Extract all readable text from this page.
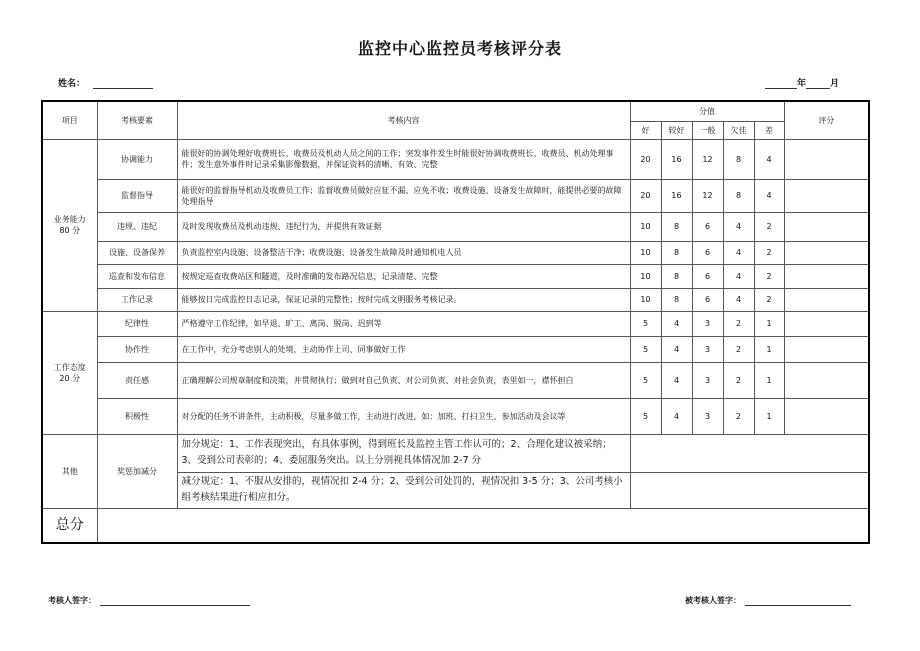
监控中心监控员考核评分表
姓名：	年	月
项目	考核要素	考核内容	分值					评分
			好	较好	一般	欠佳	差	
业务能力
80 分	协调能力	能很好的协调处理好收费班长、收费员及机动人员之间的工作；突发事件发生时能很好协调收费班长、收费员、机动处理事件；发生意外事件时记录采集影像数据，并保证资料的清晰、有效、完整	20	16	12	8	4	
	监督指导	能很好的监督指导机动及收费员工作；监督收费员做好应征不漏、应免不收；收费设施、设备发生故障时，能提供必要的故障处理指导	20	16	12	8	4	
	违规、违纪	及时发现收费员及机动违规、违纪行为，并提供有效证据	10	8	6	4	2	
	设施、设备保养	负责监控室内设施、设备整洁干净；收费设施、设备发生故障及时通知机电人员	10	8	6	4	2	
	巡查和发布信息	按规定巡查收费站区和隧道，及时准确的发布路况信息，记录清楚、完整	10	8	6	4	2	
	工作记录	能够按日完成监控日志记录，保证记录的完整性；按时完成文明服务考核记录。	10	8	6	4	2	
工作态度
20 分	纪律性	严格遵守工作纪律，如早退、旷工、离岗、脱岗、迟到等	5	4	3	2	1	
	协作性	在工作中，充分考虑别人的处境，主动协作上司、同事做好工作	5	4	3	2	1	
	责任感	正确理解公司规章制度和决策，并贯彻执行；做到对自己负责、对公司负责、对社会负责，表里如一，襟怀担白	5	4	3	2	1	
	积极性	对分配的任务不讲条件，主动积极，尽量多做工作，主动进行改进，如：加班、打扫卫生、参加活动及会议等	5	4	3	2	1	
其他	奖惩加减分	加分规定：1、工作表现突出，有具体事例，得到班长及监控主管工作认可的；2、合理化建议被采纳；3、受到公司表彰的；4、委屈服务突出。以上分别视具体情况加 2-7 分						
		减分规定：1、不服从安排的，视情况扣 2-4 分；2、受到公司处罚的，视情况扣 3-5 分；3、公司考核小组考核结果进行相应扣分。						
总分								
考核人签字：	被考核人签字：
